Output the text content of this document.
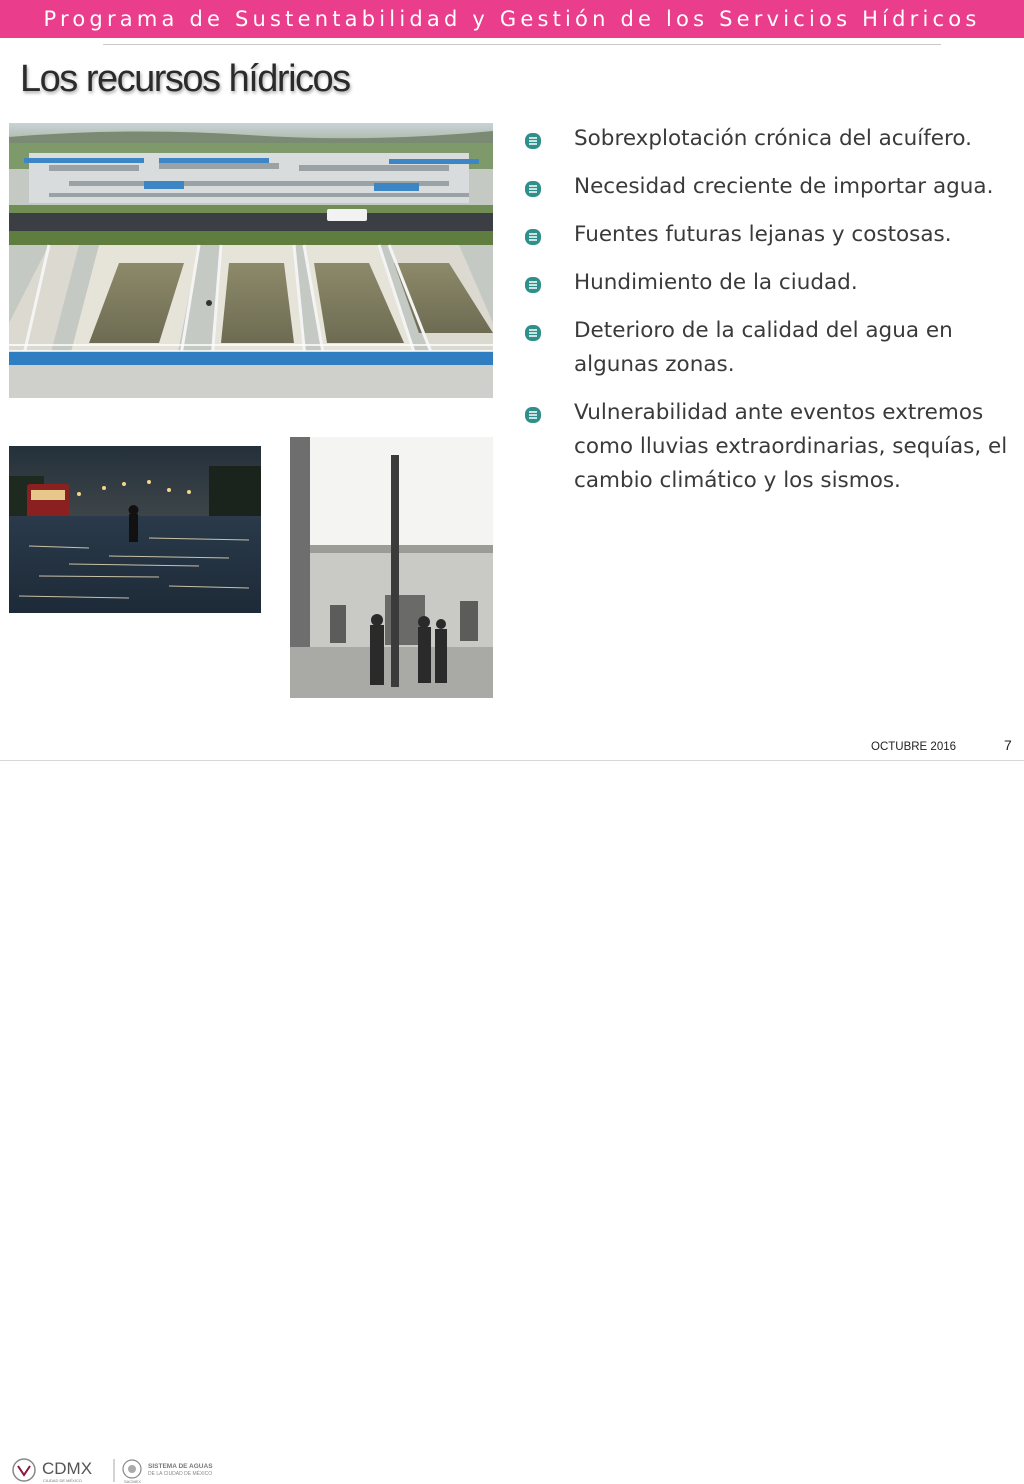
Programa de Sustentabilidad y Gestión de los Servicios Hídricos
Los recursos hídricos
Sobrexplotación crónica del acuífero.
Necesidad creciente de importar agua.
Fuentes futuras lejanas y costosas.
Hundimiento de la ciudad.
Deterioro de la calidad del agua en algunas zonas.
Vulnerabilidad ante eventos extremos como lluvias extraordinarias, sequías, el cambio climático y los sismos.
CDMX
CIUDAD DE MÉXICO	SACMEX
SISTEMA DE AGUAS
DE LA CIUDAD DE MÉXICO
OCTUBRE 2016	7
